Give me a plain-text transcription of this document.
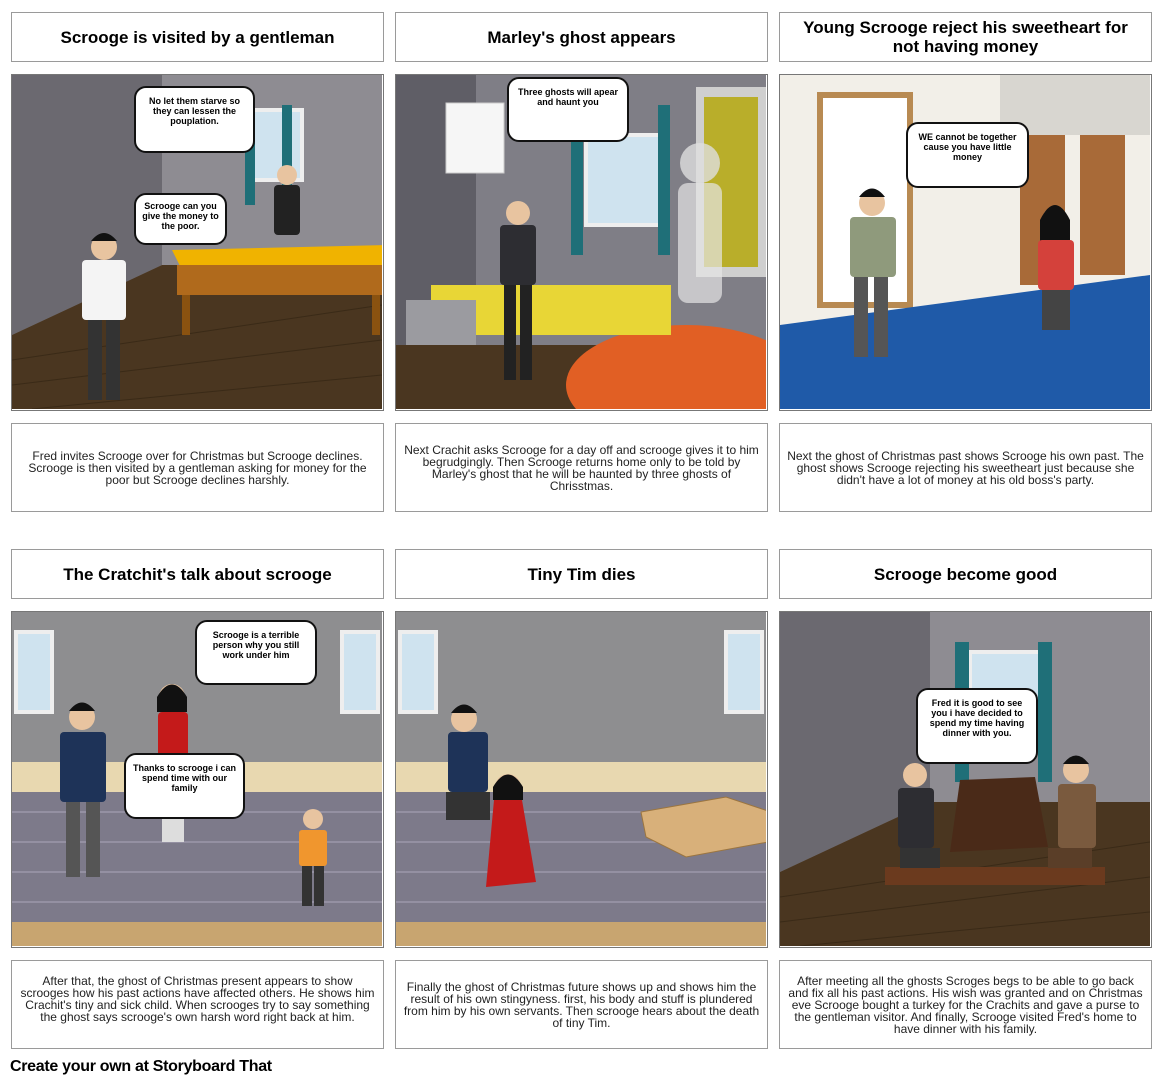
Scrooge is visited by a gentleman
No let them starve so they can lessen the pouplation.
Scrooge can you give the money to the poor.
Fred invites Scrooge over for Christmas but Scrooge declines. Scrooge is then visited by a gentleman asking for money for the poor but Scrooge declines harshly.
Marley's ghost appears
Three ghosts will apear and haunt you
Next Crachit asks Scrooge for a day off and scrooge gives it to him begrudgingly. Then Scrooge returns home only to be told by Marley's ghost that he will be haunted by three ghosts of Chrisstmas.
Young Scrooge reject his sweetheart for not having money
WE cannot be together cause you have little money
Next the ghost of Christmas past shows Scrooge his own past. The ghost shows Scrooge rejecting his sweetheart just because she didn't have a lot of money at his old boss's party.
The Cratchit's talk about scrooge
Scrooge is a terrible person why you still work under him
Thanks to scrooge i can spend time with our family
After that, the ghost of Christmas present appears to show scrooges how his past actions have affected others. He shows him Crachit's tiny and sick child. When scrooges try to say something the ghost says scrooge's own harsh word right back at him.
Tiny Tim dies
Finally the ghost of Christmas future shows up and shows him the result of his own stingyness. first, his body and stuff is plundered from him by his own servants. Then scrooge hears about the death of tiny Tim.
Scrooge become good
Fred it is good to see you i have decided to spend my time having dinner with you.
After meeting all the ghosts Scroges begs to be able to go back and fix all his past actions. His wish was granted and on Christmas eve Scrooge bought a turkey for the Crachits and gave a purse to the gentleman visitor. And finally, Scrooge visited Fred's home to have dinner with his family.
Create your own at Storyboard That
